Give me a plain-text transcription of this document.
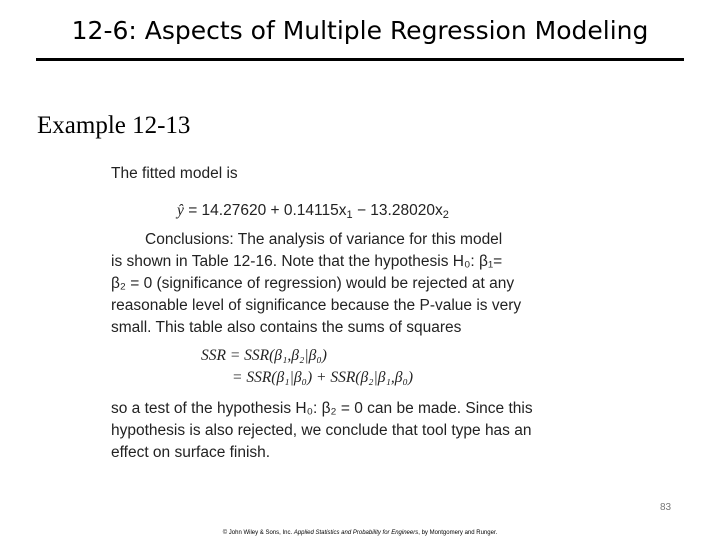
12-6: Aspects of Multiple Regression Modeling
Example 12-13
The fitted model is
ŷ = $14.27620 + 0.14115x_1 - 13.28020x_2$
Conclusions: The analysis of variance for this model
is shown in Table 12-16. Note that the hypothesis H₀: β₁=
β₂ = 0 (significance of regression) would be rejected at any
reasonable level of significance because the P-value is very
small. This table also contains the sums of squares
SSR = SSR(β₁,β₂|β₀)
= SSR(β₁|β₀) + SSR(β₂|β₁,β₀)
so a test of the hypothesis H₀: β₂ = 0 can be made. Since this
hypothesis is also rejected, we conclude that tool type has an
effect on surface finish.
83
© John Wiley & Sons, Inc. Applied Statistics and Probability for Engineers, by Montgomery and Runger.
